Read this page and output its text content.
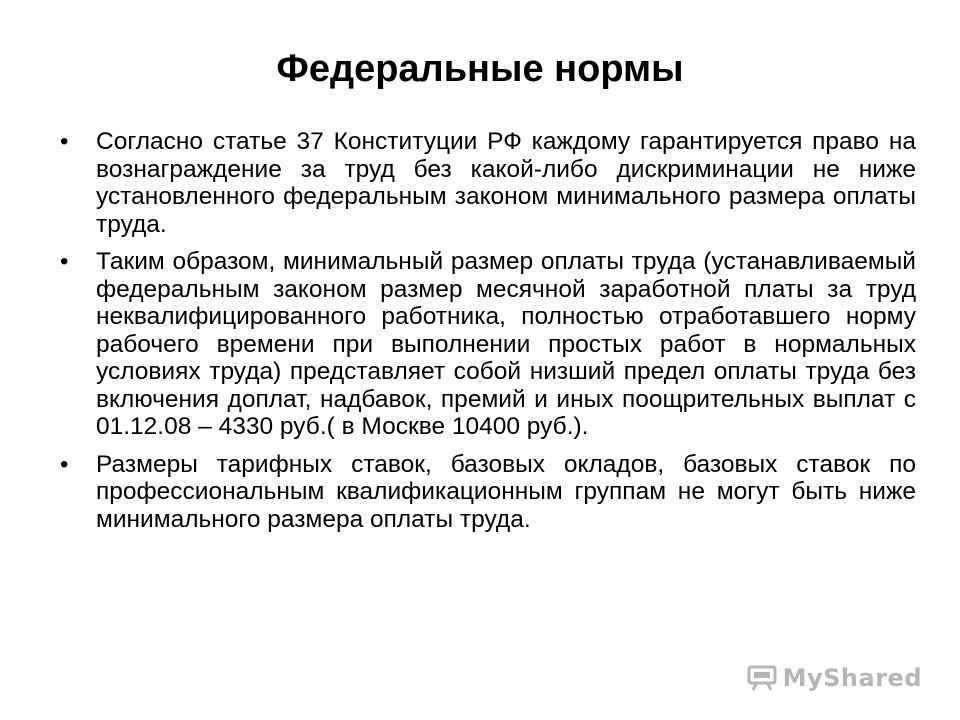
Федеральные нормы
• Согласно статье 37 Конституции РФ каждому гарантируется право на вознаграждение за труд без какой-либо дискриминации не ниже установленного федеральным законом минимального размера оплаты труда.
• Таким образом, минимальный размер оплаты труда (устанавливаемый федеральным законом размер месячной заработной платы за труд неквалифицированного работника, полностью отработавшего норму рабочего времени при выполнении простых работ в нормальных условиях труда) представляет собой низший предел оплаты труда без включения доплат, надбавок, премий и иных поощрительных выплат с 01.12.08 – 4330 руб.( в Москве 10400 руб.).
• Размеры тарифных ставок, базовых окладов, базовых ставок по профессиональным квалификационным группам не могут быть ниже минимального размера оплаты труда.
MyShared
